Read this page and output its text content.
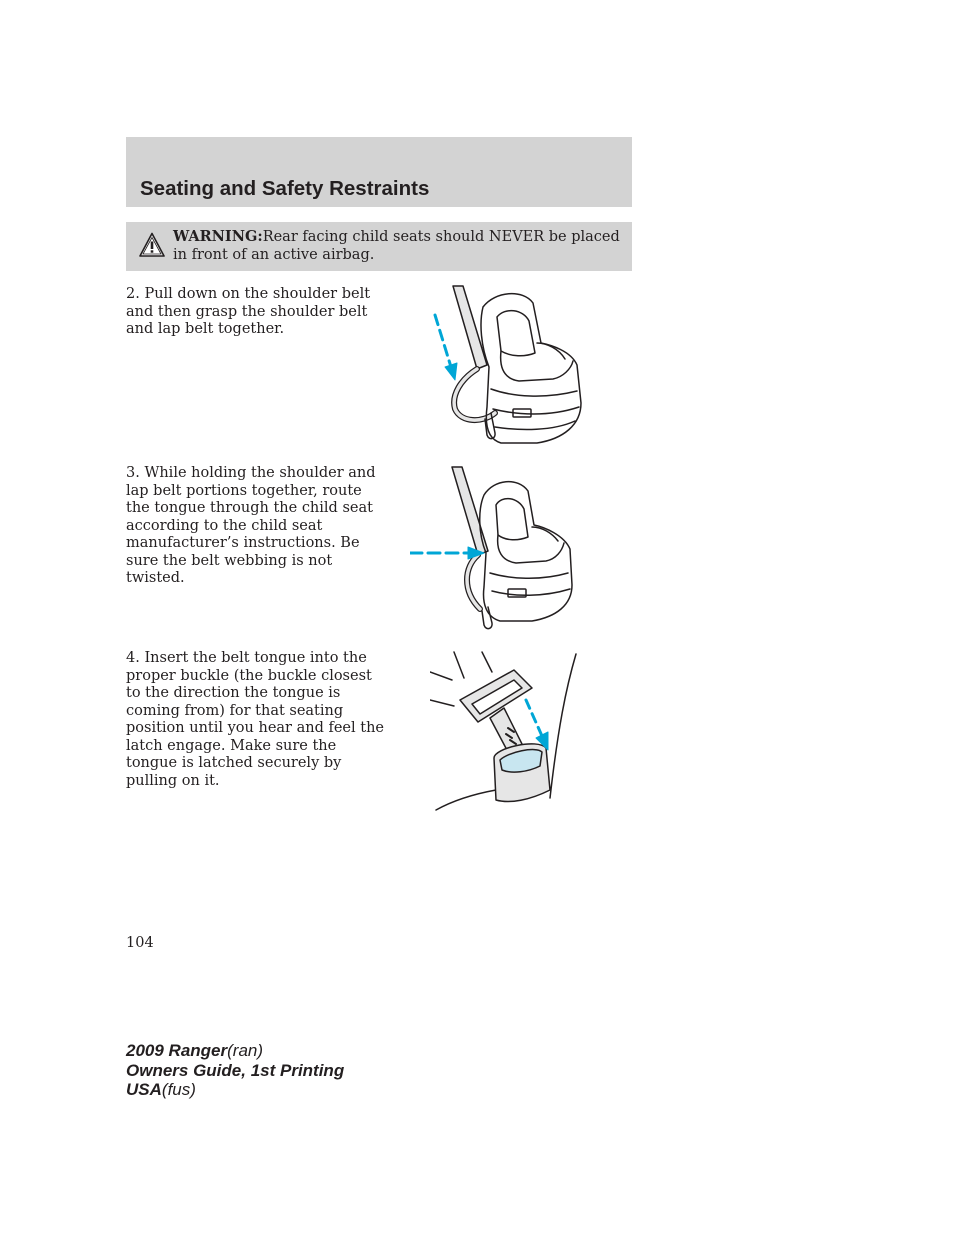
Seating and Safety Restraints
WARNING:Rear facing child seats should NEVER be placed in front of an active airbag.

2. Pull down on the shoulder belt and then grasp the shoulder belt and lap belt together.

3. While holding the shoulder and lap belt portions together, route the tongue through the child seat according to the child seat manufacturer’s instructions. Be sure the belt webbing is not twisted.

4. Insert the belt tongue into the proper buckle (the buckle closest to the direction the tongue is coming from) for that seating position until you hear and feel the latch engage. Make sure the tongue is latched securely by pulling on it.

104
2009 Ranger(ran)
Owners Guide, 1st Printing
USA(fus)
